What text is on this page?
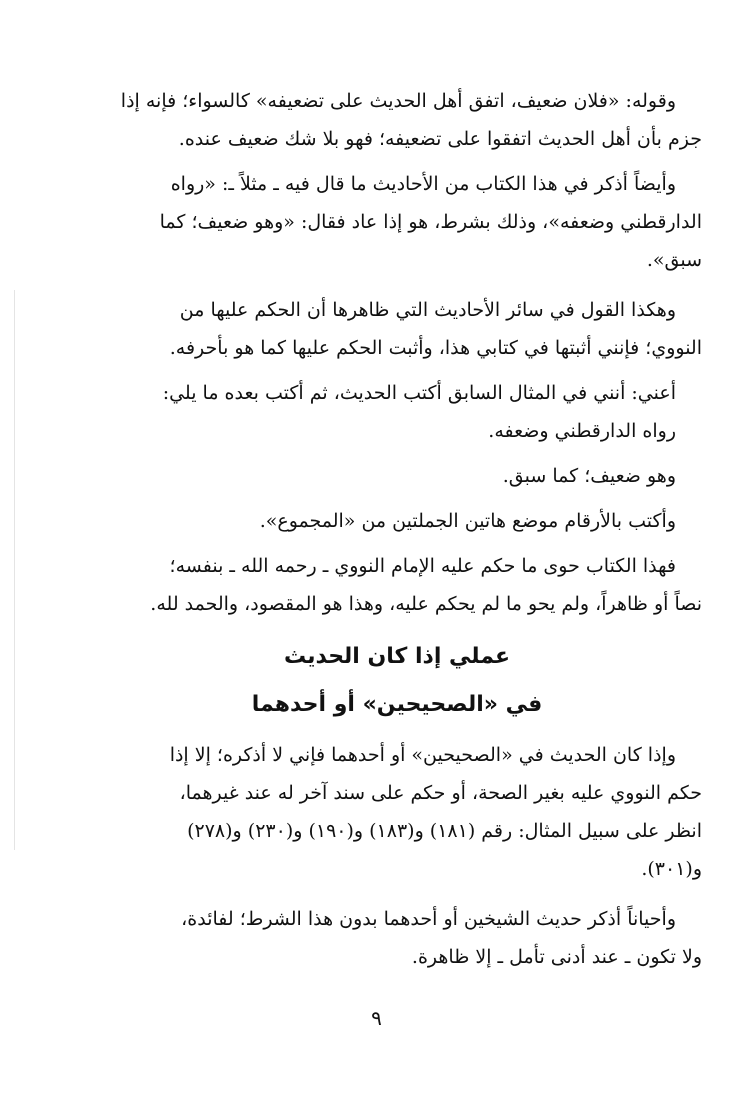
وقوله: «فلان ضعيف، اتفق أهل الحديث على تضعيفه» كالسواء؛ فإنه إذا
جزم بأن أهل الحديث اتفقوا على تضعيفه؛ فهو بلا شك ضعيف عنده.

وأيضاً أذكر في هذا الكتاب من الأحاديث ما قال فيه ـ مثلاً ـ: «رواه
الدارقطني وضعفه»، وذلك بشرط، هو إذا عاد فقال: «وهو ضعيف؛ كما
سبق».

وهكذا القول في سائر الأحاديث التي ظاهرها أن الحكم عليها من
النووي؛ فإنني أثبتها في كتابي هذا، وأثبت الحكم عليها كما هو بأحرفه.

أعني: أنني في المثال السابق أكتب الحديث، ثم أكتب بعده ما يلي:

رواه الدارقطني وضعفه.

وهو ضعيف؛ كما سبق.

وأكتب بالأرقام موضع هاتين الجملتين من «المجموع».

فهذا الكتاب حوى ما حكم عليه الإمام النووي ـ رحمه الله ـ بنفسه؛
نصاً أو ظاهراً، ولم يحو ما لم يحكم عليه، وهذا هو المقصود، والحمد لله.

عملي إذا كان الحديث
في «الصحيحين» أو أحدهما

وإذا كان الحديث في «الصحيحين» أو أحدهما فإني لا أذكره؛ إلا إذا
حكم النووي عليه بغير الصحة، أو حكم على سند آخر له عند غيرهما،
انظر على سبيل المثال: رقم (١٨١) و(١٨٣) و(١٩٠) و(٢٣٠) و(٢٧٨)
و(٣٠١).

وأحياناً أذكر حديث الشيخين أو أحدهما بدون هذا الشرط؛ لفائدة،
ولا تكون ـ عند أدنى تأمل ـ إلا ظاهرة.

٩
